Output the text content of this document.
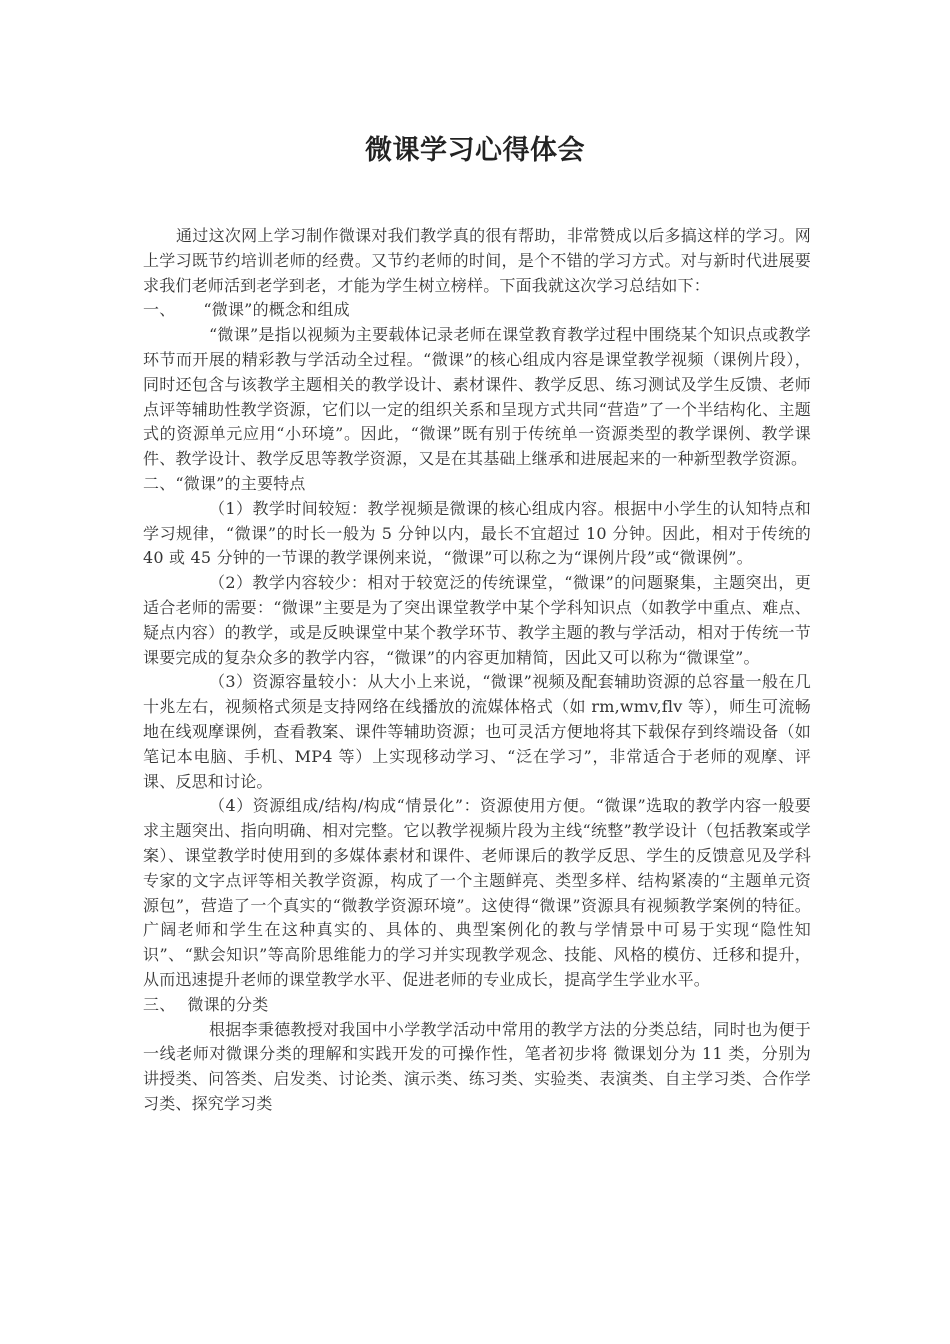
微课学习心得体会

通过这次网上学习制作微课对我们教学真的很有帮助，非常赞成以后多搞这样的学习。网上学习既节约培训老师的经费。又节约老师的时间，是个不错的学习方式。对与新时代进展要求我们老师活到老学到老，才能为学生树立榜样。下面我就这次学习总结如下：

一、 “微课”的概念和组成

“微课”是指以视频为主要载体记录老师在课堂教育教学过程中围绕某个知识点或教学环节而开展的精彩教与学活动全过程。“微课”的核心组成内容是课堂教学视频（课例片段），同时还包含与该教学主题相关的教学设计、素材课件、教学反思、练习测试及学生反馈、老师点评等辅助性教学资源，它们以一定的组织关系和呈现方式共同“营造”了一个半结构化、主题式的资源单元应用“小环境”。因此，“微课”既有别于传统单一资源类型的教学课例、教学课件、教学设计、教学反思等教学资源，又是在其基础上继承和进展起来的一种新型教学资源。

二、“微课”的主要特点

（1）教学时间较短：教学视频是微课的核心组成内容。根据中小学生的认知特点和学习规律，“微课”的时长一般为 5 分钟以内，最长不宜超过 10 分钟。因此，相对于传统的 40 或 45 分钟的一节课的教学课例来说，“微课”可以称之为“课例片段”或“微课例”。

（2）教学内容较少：相对于较宽泛的传统课堂，“微课”的问题聚集，主题突出，更适合老师的需要：“微课”主要是为了突出课堂教学中某个学科知识点（如教学中重点、难点、疑点内容）的教学，或是反映课堂中某个教学环节、教学主题的教与学活动，相对于传统一节课要完成的复杂众多的教学内容，“微课”的内容更加精简，因此又可以称为“微课堂”。

（3）资源容量较小：从大小上来说，“微课”视频及配套辅助资源的总容量一般在几十兆左右，视频格式须是支持网络在线播放的流媒体格式（如 rm,wmv,flv 等），师生可流畅地在线观摩课例，查看教案、课件等辅助资源；也可灵活方便地将其下载保存到终端设备（如笔记本电脑、手机、MP4 等）上实现移动学习、“泛在学习”，非常适合于老师的观摩、评课、反思和讨论。

（4）资源组成/结构/构成“情景化”：资源使用方便。“微课”选取的教学内容一般要求主题突出、指向明确、相对完整。它以教学视频片段为主线“统整”教学设计（包括教案或学案）、课堂教学时使用到的多媒体素材和课件、老师课后的教学反思、学生的反馈意见及学科专家的文字点评等相关教学资源，构成了一个主题鲜亮、类型多样、结构紧凑的“主题单元资源包”，营造了一个真实的“微教学资源环境”。这使得“微课”资源具有视频教学案例的特征。广阔老师和学生在这种真实的、具体的、典型案例化的教与学情景中可易于实现“隐性知识”、“默会知识”等高阶思维能力的学习并实现教学观念、技能、风格的模仿、迁移和提升，从而迅速提升老师的课堂教学水平、促进老师的专业成长，提高学生学业水平。

三、 微课的分类

根据李秉德教授对我国中小学教学活动中常用的教学方法的分类总结，同时也为便于一线老师对微课分类的理解和实践开发的可操作性，笔者初步将 微课划分为 11 类，分别为讲授类、问答类、启发类、讨论类、演示类、练习类、实验类、表演类、自主学习类、合作学习类、探究学习类
